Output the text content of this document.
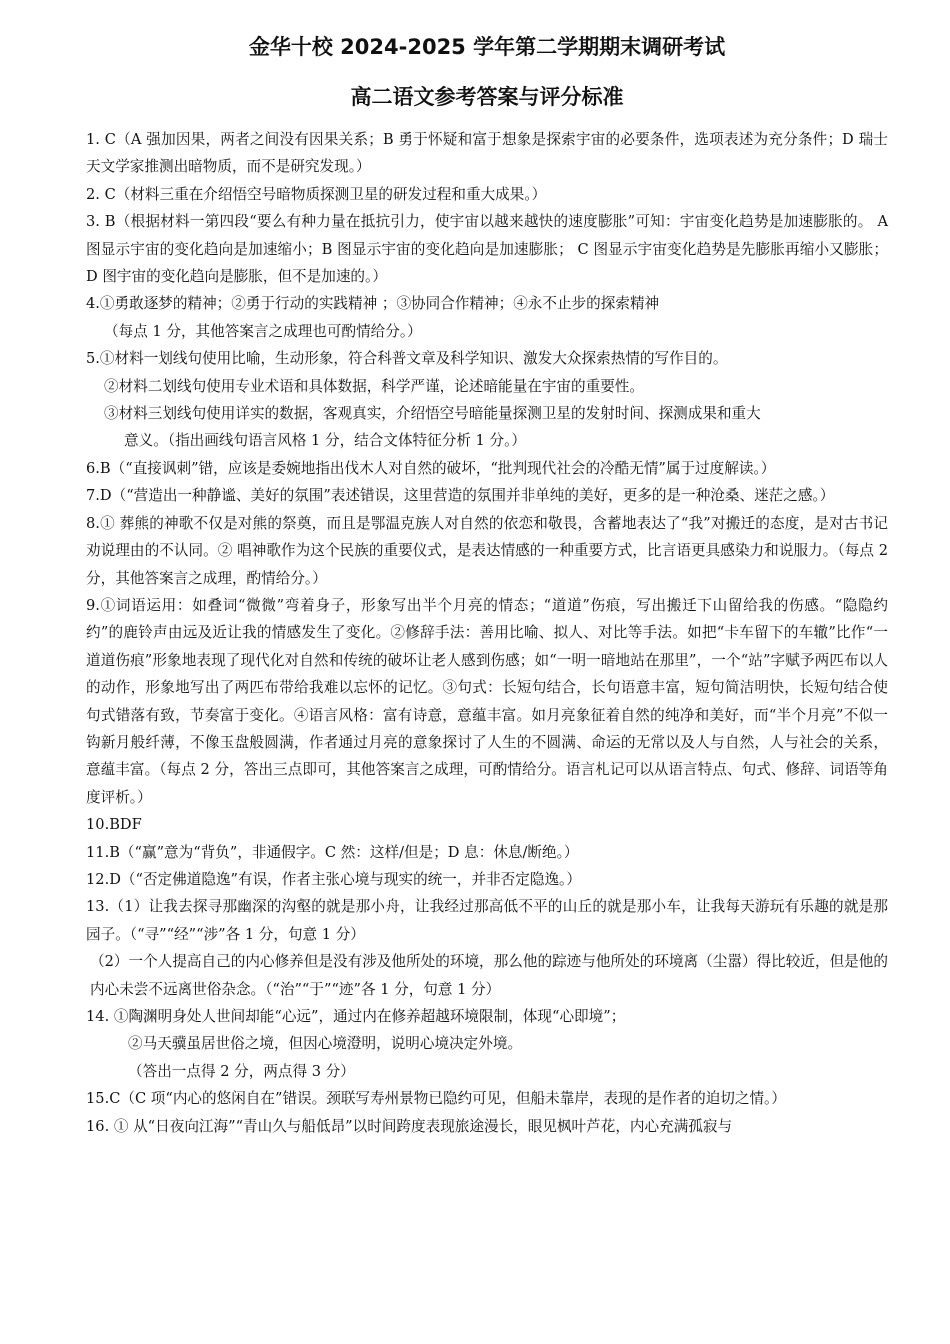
金华十校 2024-2025 学年第二学期期末调研考试
高二语文参考答案与评分标准

1. C（A 强加因果，两者之间没有因果关系；B 勇于怀疑和富于想象是探索宇宙的必要条件，选项表述为充分条件；D 瑞士天文学家推测出暗物质，而不是研究发现。）

2. C（材料三重在介绍悟空号暗物质探测卫星的研发过程和重大成果。）

3. B（根据材料一第四段“要么有种力量在抵抗引力，使宇宙以越来越快的速度膨胀”可知：宇宙变化趋势是加速膨胀的。 A 图显示宇宙的变化趋向是加速缩小；B 图显示宇宙的变化趋向是加速膨胀； C 图显示宇宙变化趋势是先膨胀再缩小又膨胀；D 图宇宙的变化趋向是膨胀，但不是加速的。）

4.①勇敢逐梦的精神；②勇于行动的实践精神 ；③协同合作精神；④永不止步的探索精神

（每点 1 分，其他答案言之成理也可酌情给分。）

5.①材料一划线句使用比喻，生动形象，符合科普文章及科学知识、激发大众探索热情的写作目的。

②材料二划线句使用专业术语和具体数据，科学严谨，论述暗能量在宇宙的重要性。

③材料三划线句使用详实的数据，客观真实，介绍悟空号暗能量探测卫星的发射时间、探测成果和重大

意义。（指出画线句语言风格 1 分，结合文体特征分析 1 分。）

6.B（“直接讽刺”错，应该是委婉地指出伐木人对自然的破坏，“批判现代社会的冷酷无情”属于过度解读。）

7.D（“营造出一种静谧、美好的氛围”表述错误，这里营造的氛围并非单纯的美好，更多的是一种沧桑、迷茫之感。）

8.① 葬熊的神歌不仅是对熊的祭奠，而且是鄂温克族人对自然的依恋和敬畏，含蓄地表达了“我”对搬迁的态度，是对古书记劝说理由的不认同。② 唱神歌作为这个民族的重要仪式，是表达情感的一种重要方式，比言语更具感染力和说服力。（每点 2 分，其他答案言之成理，酌情给分。）

9.①词语运用：如叠词“微微”弯着身子，形象写出半个月亮的情态；“道道”伤痕，写出搬迁下山留给我的伤感。“隐隐约约”的鹿铃声由远及近让我的情感发生了变化。②修辞手法：善用比喻、拟人、对比等手法。如把“卡车留下的车辙”比作“一道道伤痕”形象地表现了现代化对自然和传统的破坏让老人感到伤感；如“一明一暗地站在那里”，一个“站”字赋予两匹布以人的动作，形象地写出了两匹布带给我难以忘怀的记忆。③句式：长短句结合，长句语意丰富，短句简洁明快，长短句结合使句式错落有致，节奏富于变化。④语言风格：富有诗意，意蕴丰富。如月亮象征着自然的纯净和美好，而“半个月亮”不似一钩新月般纤薄，不像玉盘般圆满，作者通过月亮的意象探讨了人生的不圆满、命运的无常以及人与自然，人与社会的关系，意蕴丰富。（每点 2 分，答出三点即可，其他答案言之成理，可酌情给分。语言札记可以从语言特点、句式、修辞、词语等角度评析。）

10.BDF

11.B（“赢”意为“背负”，非通假字。C 然：这样/但是；D 息：休息/断绝。）

12.D（“否定佛道隐逸”有误，作者主张心境与现实的统一，并非否定隐逸。）

13.（1）让我去探寻那幽深的沟壑的就是那小舟，让我经过那高低不平的山丘的就是那小车，让我每天游玩有乐趣的就是那园子。（“寻”“经”“涉”各 1 分，句意 1 分）

（2）一个人提高自己的内心修养但是没有涉及他所处的环境，那么他的踪迹与他所处的环境离（尘嚣）得比较近，但是他的内心未尝不远离世俗杂念。（“治”“于”“迹”各 1 分，句意 1 分）

14. ①陶渊明身处人世间却能“心远”，通过内在修养超越环境限制，体现“心即境”；

②马天骥虽居世俗之境，但因心境澄明，说明心境决定外境。

（答出一点得 2 分，两点得 3 分）

15.C（C 项“内心的悠闲自在”错误。颈联写寿州景物已隐约可见，但船未靠岸，表现的是作者的迫切之情。）

16. ① 从“日夜向江海”“青山久与船低昂”以时间跨度表现旅途漫长，眼见枫叶芦花，内心充满孤寂与
